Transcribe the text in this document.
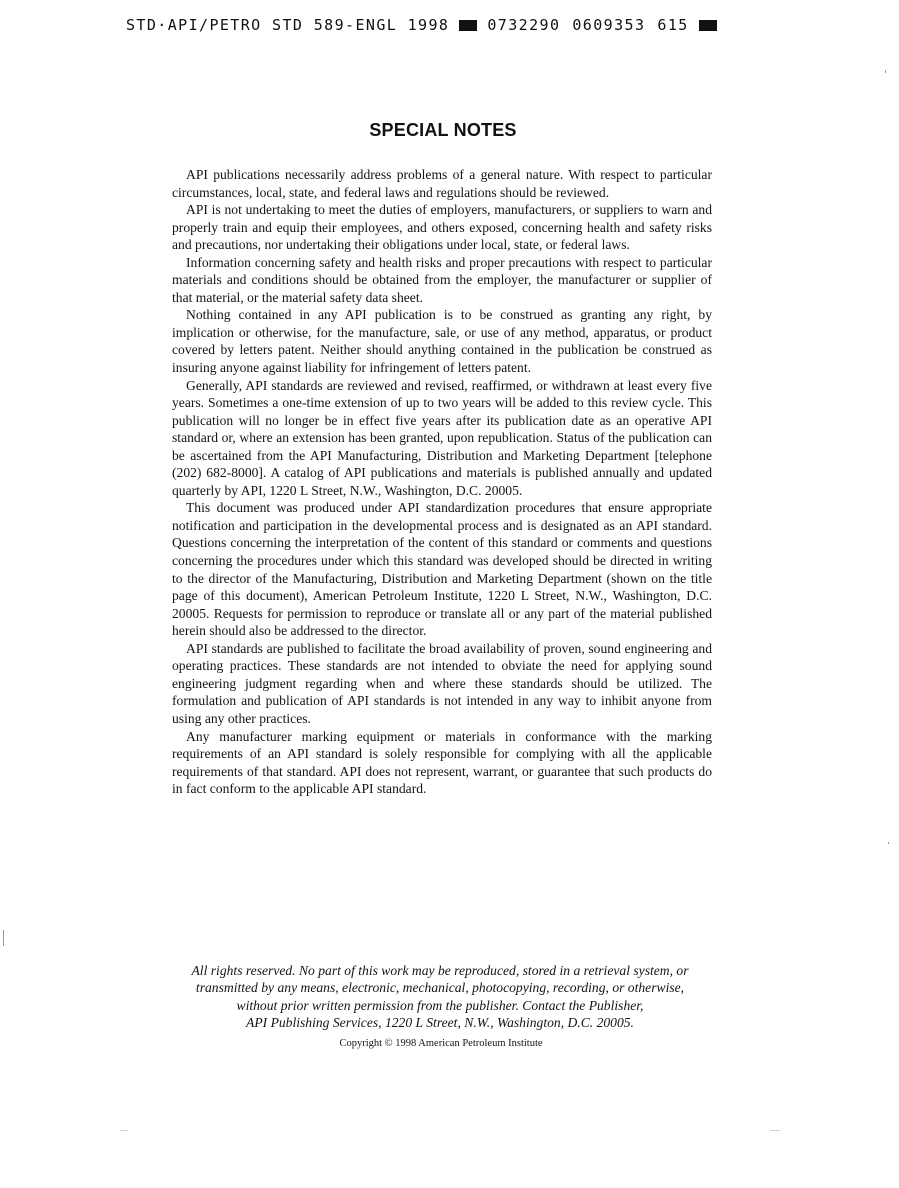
STD·API/PETRO STD 589-ENGL 1998	0732290 0609353 615
SPECIAL NOTES

API publications necessarily address problems of a general nature. With respect to particular circumstances, local, state, and federal laws and regulations should be reviewed.

API is not undertaking to meet the duties of employers, manufacturers, or suppliers to warn and properly train and equip their employees, and others exposed, concerning health and safety risks and precautions, nor undertaking their obligations under local, state, or federal laws.

Information concerning safety and health risks and proper precautions with respect to particular materials and conditions should be obtained from the employer, the manufacturer or supplier of that material, or the material safety data sheet.

Nothing contained in any API publication is to be construed as granting any right, by implication or otherwise, for the manufacture, sale, or use of any method, apparatus, or product covered by letters patent. Neither should anything contained in the publication be construed as insuring anyone against liability for infringement of letters patent.

Generally, API standards are reviewed and revised, reaffirmed, or withdrawn at least every five years. Sometimes a one-time extension of up to two years will be added to this review cycle. This publication will no longer be in effect five years after its publication date as an operative API standard or, where an extension has been granted, upon republication. Status of the publication can be ascertained from the API Manufacturing, Distribution and Marketing Department [telephone (202) 682-8000]. A catalog of API publications and materials is published annually and updated quarterly by API, 1220 L Street, N.W., Washington, D.C. 20005.

This document was produced under API standardization procedures that ensure appropriate notification and participation in the developmental process and is designated as an API standard. Questions concerning the interpretation of the content of this standard or comments and questions concerning the procedures under which this standard was developed should be directed in writing to the director of the Manufacturing, Distribution and Marketing Department (shown on the title page of this document), American Petroleum Institute, 1220 L Street, N.W., Washington, D.C. 20005. Requests for permission to reproduce or translate all or any part of the material published herein should also be addressed to the director.

API standards are published to facilitate the broad availability of proven, sound engineering and operating practices. These standards are not intended to obviate the need for applying sound engineering judgment regarding when and where these standards should be utilized. The formulation and publication of API standards is not intended in any way to inhibit anyone from using any other practices.

Any manufacturer marking equipment or materials in conformance with the marking requirements of an API standard is solely responsible for complying with all the applicable requirements of that standard. API does not represent, warrant, or guarantee that such products do in fact conform to the applicable API standard.

All rights reserved. No part of this work may be reproduced, stored in a retrieval system, or
transmitted by any means, electronic, mechanical, photocopying, recording, or otherwise,
without prior written permission from the publisher. Contact the Publisher,
API Publishing Services, 1220 L Street, N.W., Washington, D.C. 20005.
Copyright © 1998 American Petroleum Institute
